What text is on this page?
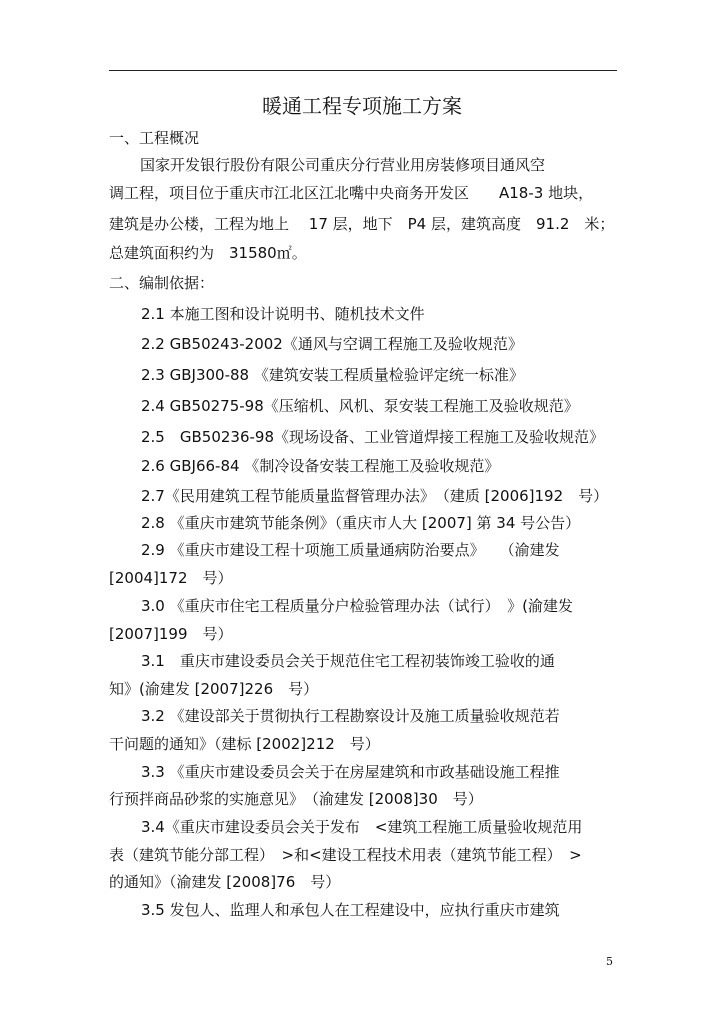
暖通工程专项施工方案
一、工程概况
国家开发银行股份有限公司重庆分行营业用房装修项目通风空
调工程，项目位于重庆市江北区江北嘴中央商务开发区　　A18-3 地块，
建筑是办公楼，工程为地上　 17 层，地下　P4 层，建筑高度　91.2　米；
总建筑面积约为　31580㎡。
二、编制依据：
2.1 本施工图和设计说明书、随机技术文件
2.2 GB50243-2002《通风与空调工程施工及验收规范》
2.3 GBJ300-88 《建筑安装工程质量检验评定统一标准》
2.4 GB50275-98《压缩机、风机、泵安装工程施工及验收规范》
2.5　GB50236-98《现场设备、工业管道焊接工程施工及验收规范》
2.6 GBJ66-84 《制冷设备安装工程施工及验收规范》
2.7《民用建筑工程节能质量监督管理办法》　（建质 [2006]192　号）
2.8 《重庆市建筑节能条例》（重庆市人大 [2007] 第 34 号公告）
2.9 《重庆市建设工程十项施工质量通病防治要点》　　（渝建发
[2004]172　号）
3.0 《重庆市住宅工程质量分户检验管理办法（试行）　》(渝建发
[2007]199　号）
3.1　重庆市建设委员会关于规范住宅工程初装饰竣工验收的通
知》(渝建发 [2007]226　号）
3.2 《建设部关于贯彻执行工程勘察设计及施工质量验收规范若
干问题的通知》（建标 [2002]212　号）
3.3 《重庆市建设委员会关于在房屋建筑和市政基础设施工程推
行预拌商品砂浆的实施意见》　（渝建发 [2008]30　号）
3.4《重庆市建设委员会关于发布　<建筑工程施工质量验收规范用
表（建筑节能分部工程）　>和<建设工程技术用表（建筑节能工程）　>
的通知》（渝建发 [2008]76　号）
3.5 发包人、监理人和承包人在工程建设中，应执行重庆市建筑
5
